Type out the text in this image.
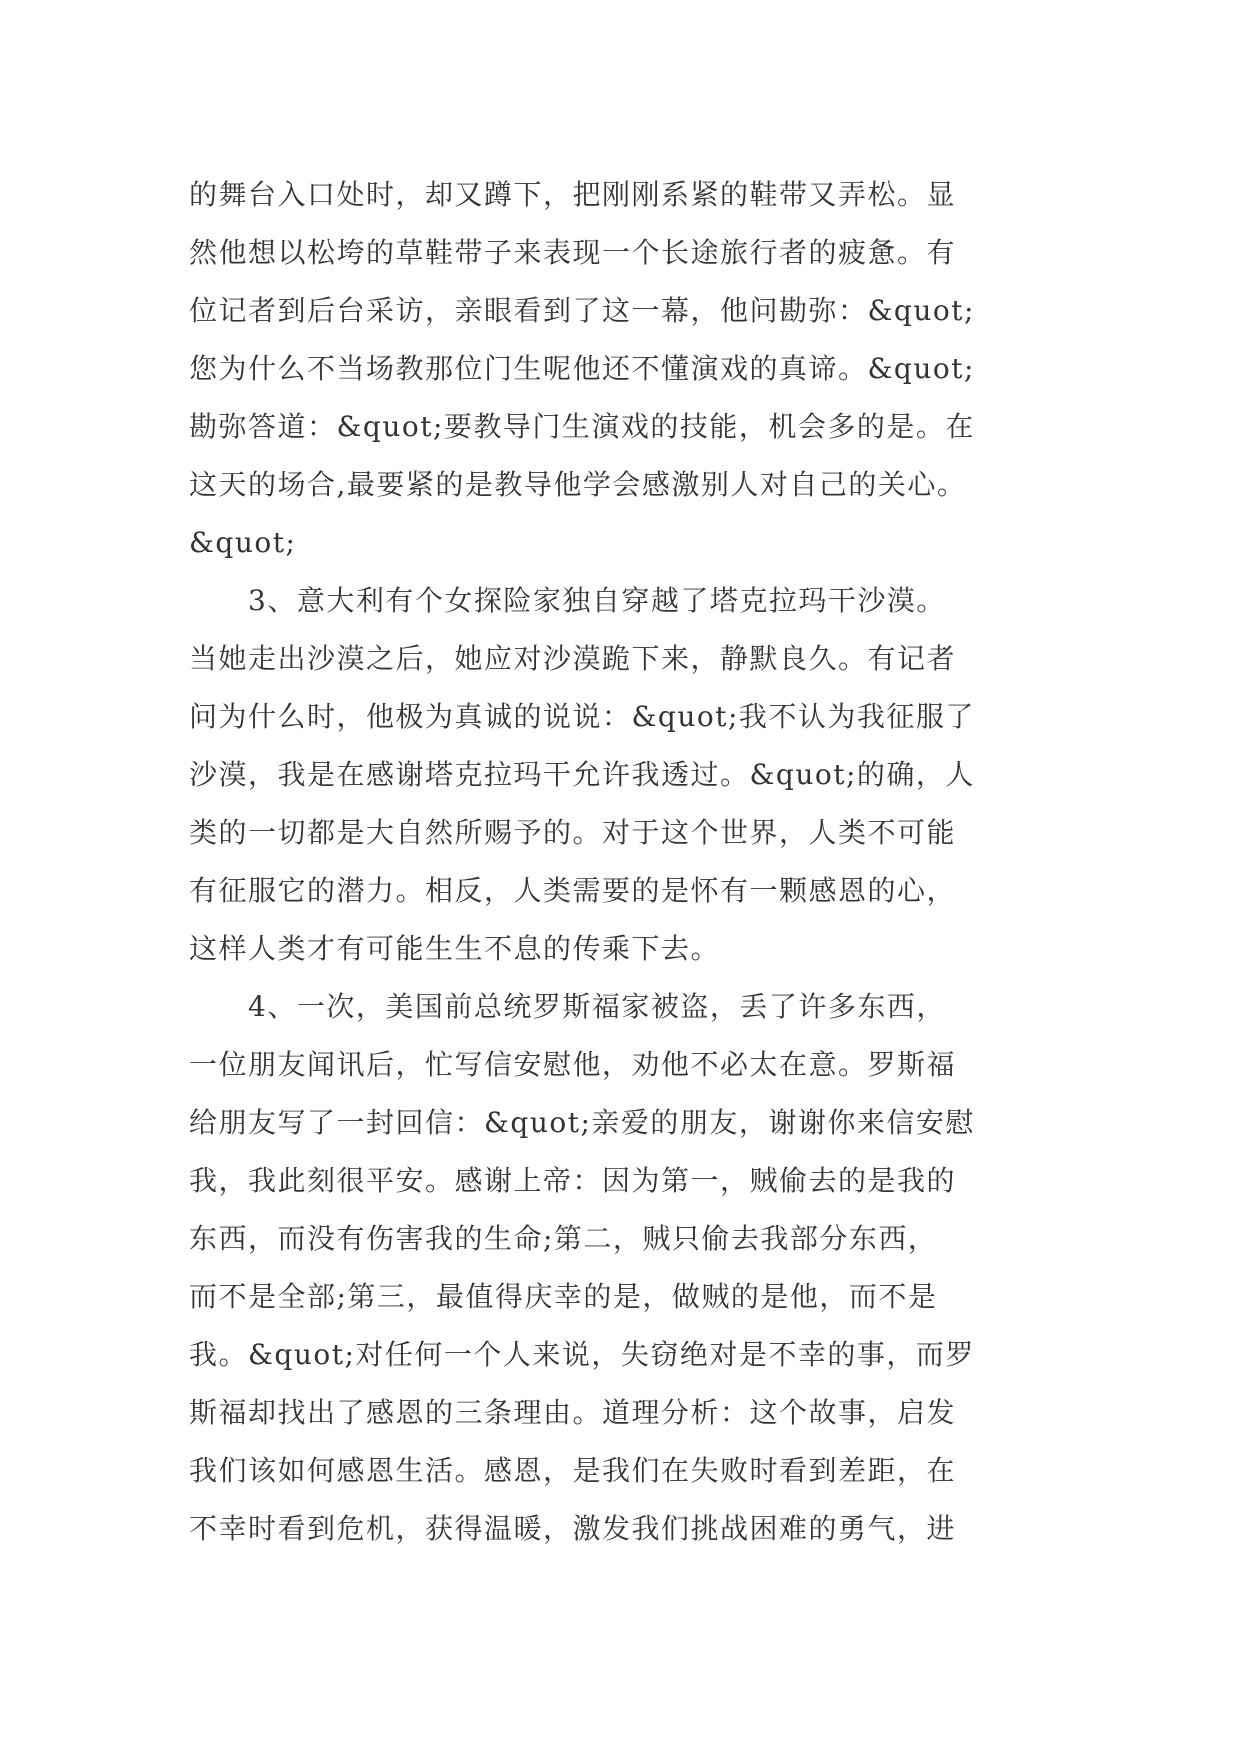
的舞台入口处时，却又蹲下，把刚刚系紧的鞋带又弄松。显
然他想以松垮的草鞋带子来表现一个长途旅行者的疲惫。有
位记者到后台采访，亲眼看到了这一幕，他问勘弥：&quot;
您为什么不当场教那位门生呢他还不懂演戏的真谛。&quot;
勘弥答道：&quot;要教导门生演戏的技能，机会多的是。在
这天的场合,最要紧的是教导他学会感激别人对自己的关心。
&quot;
　　3、意大利有个女探险家独自穿越了塔克拉玛干沙漠。
当她走出沙漠之后，她应对沙漠跪下来，静默良久。有记者
问为什么时，他极为真诚的说说：&quot;我不认为我征服了
沙漠，我是在感谢塔克拉玛干允许我透过。&quot;的确，人
类的一切都是大自然所赐予的。对于这个世界，人类不可能
有征服它的潜力。相反，人类需要的是怀有一颗感恩的心，
这样人类才有可能生生不息的传乘下去。
　　4、一次，美国前总统罗斯福家被盗，丢了许多东西，
一位朋友闻讯后，忙写信安慰他，劝他不必太在意。罗斯福
给朋友写了一封回信：&quot;亲爱的朋友，谢谢你来信安慰
我，我此刻很平安。感谢上帝：因为第一，贼偷去的是我的
东西，而没有伤害我的生命;第二，贼只偷去我部分东西，
而不是全部;第三，最值得庆幸的是，做贼的是他，而不是
我。&quot;对任何一个人来说，失窃绝对是不幸的事，而罗
斯福却找出了感恩的三条理由。道理分析：这个故事，启发
我们该如何感恩生活。感恩，是我们在失败时看到差距，在
不幸时看到危机，获得温暖，激发我们挑战困难的勇气，进
